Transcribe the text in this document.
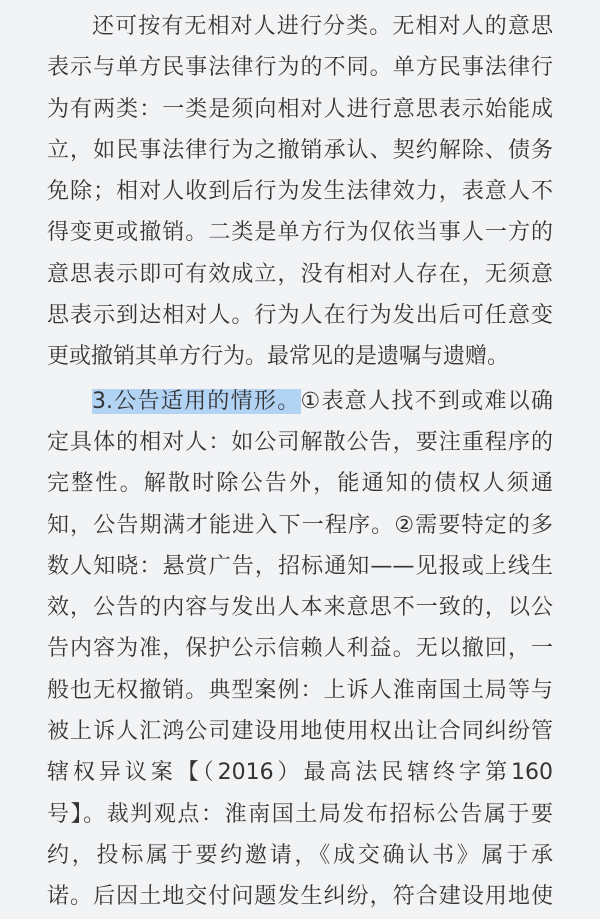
还可按有无相对人进行分类。无相对人的意思
表示与单方民事法律行为的不同。单方民事法律行
为有两类：一类是须向相对人进行意思表示始能成
立，如民事法律行为之撤销承认、契约解除、债务
免除；相对人收到后行为发生法律效力，表意人不
得变更或撤销。二类是单方行为仅依当事人一方的
意思表示即可有效成立，没有相对人存在，无须意
思表示到达相对人。行为人在行为发出后可任意变
更或撤销其单方行为。最常见的是遗嘱与遗赠。
3.公告适用的情形。①表意人找不到或难以确
定具体的相对人：如公司解散公告，要注重程序的
完整性。解散时除公告外，能通知的债权人须通
知，公告期满才能进入下一程序。②需要特定的多
数人知晓：悬赏广告，招标通知——见报或上线生
效，公告的内容与发出人本来意思不一致的，以公
告内容为准，保护公示信赖人利益。无以撤回，一
般也无权撤销。典型案例：上诉人淮南国土局等与
被上诉人汇鸿公司建设用地使用权出让合同纠纷管
辖权异议案【（2016）最高法民辖终字第160
号】。裁判观点：淮南国土局发布招标公告属于要
约，投标属于要约邀请，《成交确认书》属于承
诺。后因土地交付问题发生纠纷，符合建设用地使
